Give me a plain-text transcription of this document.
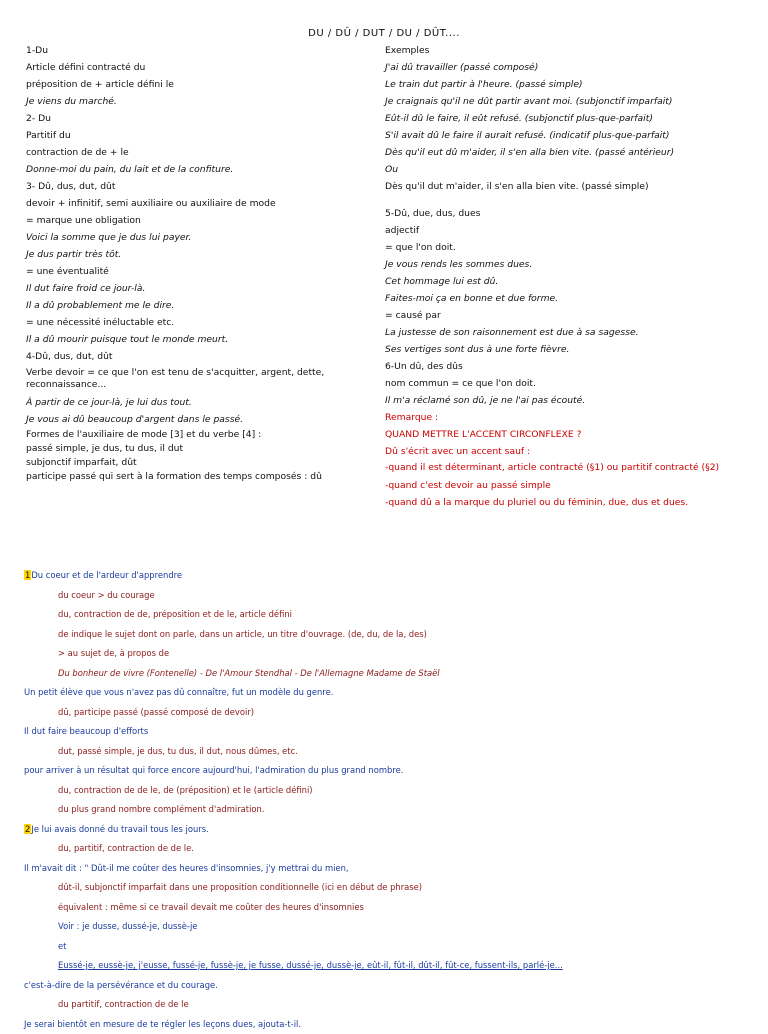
DU / DÛ / DUT / DU / DÛT....
1-Du
Article défini contracté du
préposition de + article défini le
Je viens du marché.
2- Du
Partitif du
contraction de de + le
Donne-moi du pain, du lait et de la confiture.
3- Dû, dus, dut, dût
devoir + infinitif, semi auxiliaire ou auxiliaire de mode
= marque une obligation
Voici la somme que je dus lui payer.
Je dus partir très tôt.
= une éventualité
Il dut faire froid ce jour-là.
Il a dû probablement me le dire.
= une nécessité inéluctable etc.
Il a dû mourir puisque tout le monde meurt.
4-Dû, dus, dut, dût
Verbe devoir = ce que l'on est tenu de s'acquitter, argent, dette, reconnaissance...
À partir de ce jour-là, je lui dus tout.
Je vous ai dû beaucoup d'argent dans le passé.
Formes de l'auxiliaire de mode [3] et du verbe [4] :
passé simple, je dus, tu dus, il dut
subjonctif imparfait, dût
participe passé qui sert à la formation des temps composés : dû
Exemples
J'ai dû travailler (passé composé)
Le train dut partir à l'heure. (passé simple)
Je craignais qu'il ne dût partir avant moi. (subjonctif imparfait)
Eût-il dû le faire, il eût refusé. (subjonctif plus-que-parfait)
S'il avait dû le faire il aurait refusé. (indicatif plus-que-parfait)
Dès qu'il eut dû m'aider, il s'en alla bien vite. (passé antérieur)
Ou
Dès qu'il dut m'aider, il s'en alla bien vite. (passé simple)
5-Dû, due, dus, dues
adjectif
= que l'on doit.
Je vous rends les sommes dues.
Cet hommage lui est dû.
Faites-moi ça en bonne et due forme.
= causé par
La justesse de son raisonnement est due à sa sagesse.
Ses vertiges sont dus à une forte fièvre.
6-Un dû, des dûs
nom commun = ce que l'on doit.
Il m'a réclamé son dû, je ne l'ai pas écouté.
Remarque :
QUAND METTRE L'ACCENT CIRCONFLEXE ?
Dû s'écrit avec un accent sauf :
-quand il est déterminant, article contracté (§1) ou partitif contracté (§2)
-quand c'est devoir au passé simple
-quand dû a la marque du pluriel ou du féminin, due, dus et dues.
1Du coeur et de l'ardeur d'apprendre
du coeur > du courage
du, contraction de de, préposition et de le, article défini
de indique le sujet dont on parle, dans un article, un titre d'ouvrage. (de, du, de la, des)
> au sujet de, à propos de
Du bonheur de vivre (Fontenelle) - De l'Amour Stendhal - De l'Allemagne Madame de Staël
Un petit élève que vous n'avez pas dû connaître, fut un modèle du genre.
dû, participe passé (passé composé de devoir)
Il dut faire beaucoup d'efforts
dut, passé simple, je dus, tu dus, il dut, nous dûmes, etc.
pour arriver à un résultat qui force encore aujourd'hui, l'admiration du plus grand nombre.
du, contraction de de le, de (préposition) et le (article défini)
du plus grand nombre complément d'admiration.
2Je lui avais donné du travail tous les jours.
du, partitif, contraction de de le.
Il m'avait dit : " Dût-il me coûter des heures d'insomnies, j'y mettrai du mien,
dût-il, subjonctif imparfait dans une proposition conditionnelle (ici en début de phrase)
équivalent : même si ce travail devait me coûter des heures d'insomnies
Voir : je dusse, dussé-je, dussè-je
et
Eussé-je, eussè-je, j'eusse, fussé-je, fussè-je, je fusse, dussé-je, dussè-je, eût-il, fût-il, dût-il, fût-ce, fussent-ils, parlé-je...
c'est-à-dire de la persévérance et du courage.
du partitif, contraction de de le
Je serai bientôt en mesure de te régler les leçons dues, ajouta-t-il.
